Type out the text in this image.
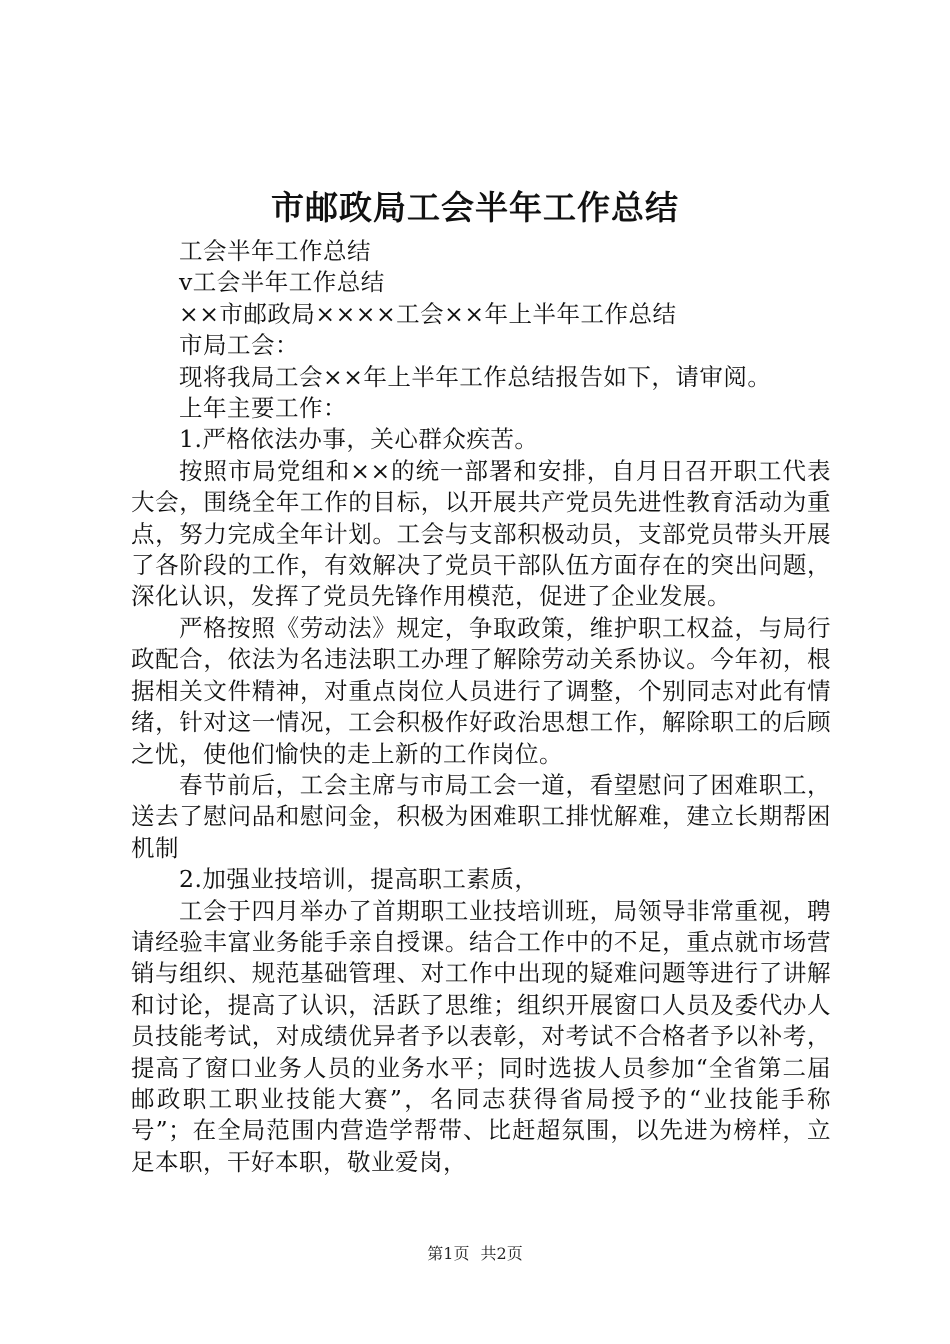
市邮政局工会半年工作总结

工会半年工作总结

v工会半年工作总结

××市邮政局××××工会××年上半年工作总结

市局工会：

现将我局工会××年上半年工作总结报告如下，请审阅。

上年主要工作：

1.严格依法办事，关心群众疾苦。

按照市局党组和××的统一部署和安排，自月日召开职工代表大会，围绕全年工作的目标，以开展共产党员先进性教育活动为重点，努力完成全年计划。工会与支部积极动员，支部党员带头开展了各阶段的工作，有效解决了党员干部队伍方面存在的突出问题，深化认识，发挥了党员先锋作用模范，促进了企业发展。

严格按照《劳动法》规定，争取政策，维护职工权益，与局行政配合，依法为名违法职工办理了解除劳动关系协议。今年初，根据相关文件精神，对重点岗位人员进行了调整，个别同志对此有情绪，针对这一情况，工会积极作好政治思想工作，解除职工的后顾之忧，使他们愉快的走上新的工作岗位。

春节前后，工会主席与市局工会一道，看望慰问了困难职工，送去了慰问品和慰问金，积极为困难职工排忧解难，建立长期帮困机制

2.加强业技培训，提高职工素质，

工会于四月举办了首期职工业技培训班，局领导非常重视，聘请经验丰富业务能手亲自授课。结合工作中的不足，重点就市场营销与组织、规范基础管理、对工作中出现的疑难问题等进行了讲解和讨论，提高了认识，活跃了思维；组织开展窗口人员及委代办人员技能考试，对成绩优异者予以表彰，对考试不合格者予以补考，提高了窗口业务人员的业务水平；同时选拔人员参加“全省第二届邮政职工职业技能大赛”，名同志获得省局授予的“业技能手称号”；在全局范围内营造学帮带、比赶超氛围，以先进为榜样，立足本职，干好本职，敬业爱岗，

第1页 共2页
